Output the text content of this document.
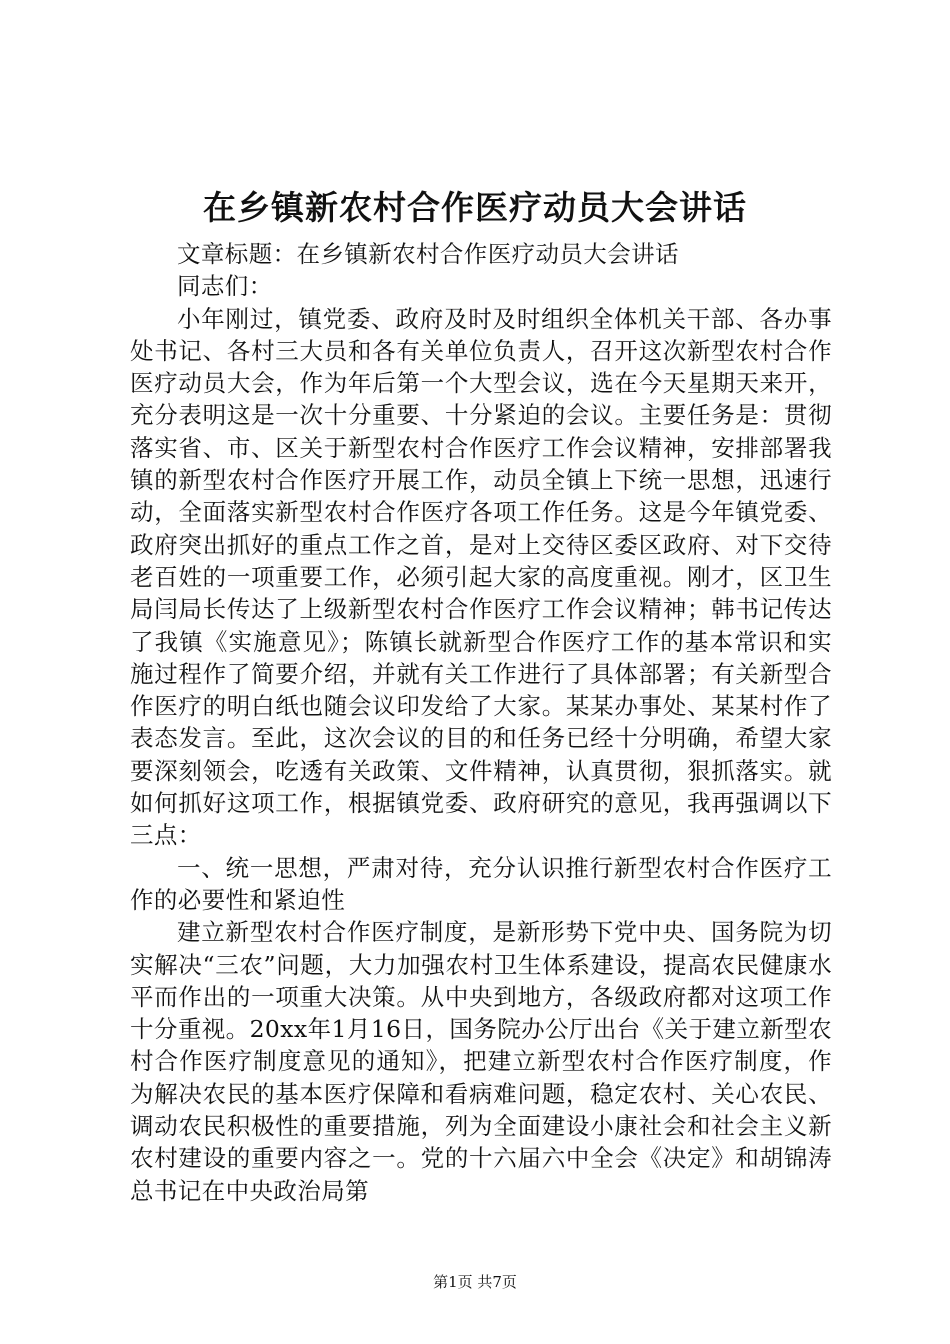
在乡镇新农村合作医疗动员大会讲话

文章标题：在乡镇新农村合作医疗动员大会讲话

同志们：

小年刚过，镇党委、政府及时及时组织全体机关干部、各办事处书记、各村三大员和各有关单位负责人，召开这次新型农村合作医疗动员大会，作为年后第一个大型会议，选在今天星期天来开，充分表明这是一次十分重要、十分紧迫的会议。主要任务是：贯彻落实省、市、区关于新型农村合作医疗工作会议精神，安排部署我镇的新型农村合作医疗开展工作，动员全镇上下统一思想，迅速行动，全面落实新型农村合作医疗各项工作任务。这是今年镇党委、政府突出抓好的重点工作之首，是对上交待区委区政府、对下交待老百姓的一项重要工作，必须引起大家的高度重视。刚才，区卫生局闫局长传达了上级新型农村合作医疗工作会议精神；韩书记传达了我镇《实施意见》；陈镇长就新型合作医疗工作的基本常识和实施过程作了简要介绍，并就有关工作进行了具体部署；有关新型合作医疗的明白纸也随会议印发给了大家。某某办事处、某某村作了表态发言。至此，这次会议的目的和任务已经十分明确，希望大家要深刻领会，吃透有关政策、文件精神，认真贯彻，狠抓落实。就如何抓好这项工作，根据镇党委、政府研究的意见，我再强调以下三点：

一、统一思想，严肃对待，充分认识推行新型农村合作医疗工作的必要性和紧迫性

建立新型农村合作医疗制度，是新形势下党中央、国务院为切实解决“三农”问题，大力加强农村卫生体系建设，提高农民健康水平而作出的一项重大决策。从中央到地方，各级政府都对这项工作十分重视。20xx年1月16日，国务院办公厅出台《关于建立新型农村合作医疗制度意见的通知》，把建立新型农村合作医疗制度，作为解决农民的基本医疗保障和看病难问题，稳定农村、关心农民、调动农民积极性的重要措施，列为全面建设小康社会和社会主义新农村建设的重要内容之一。党的十六届六中全会《决定》和胡锦涛总书记在中央政治局第

第1页 共7页
